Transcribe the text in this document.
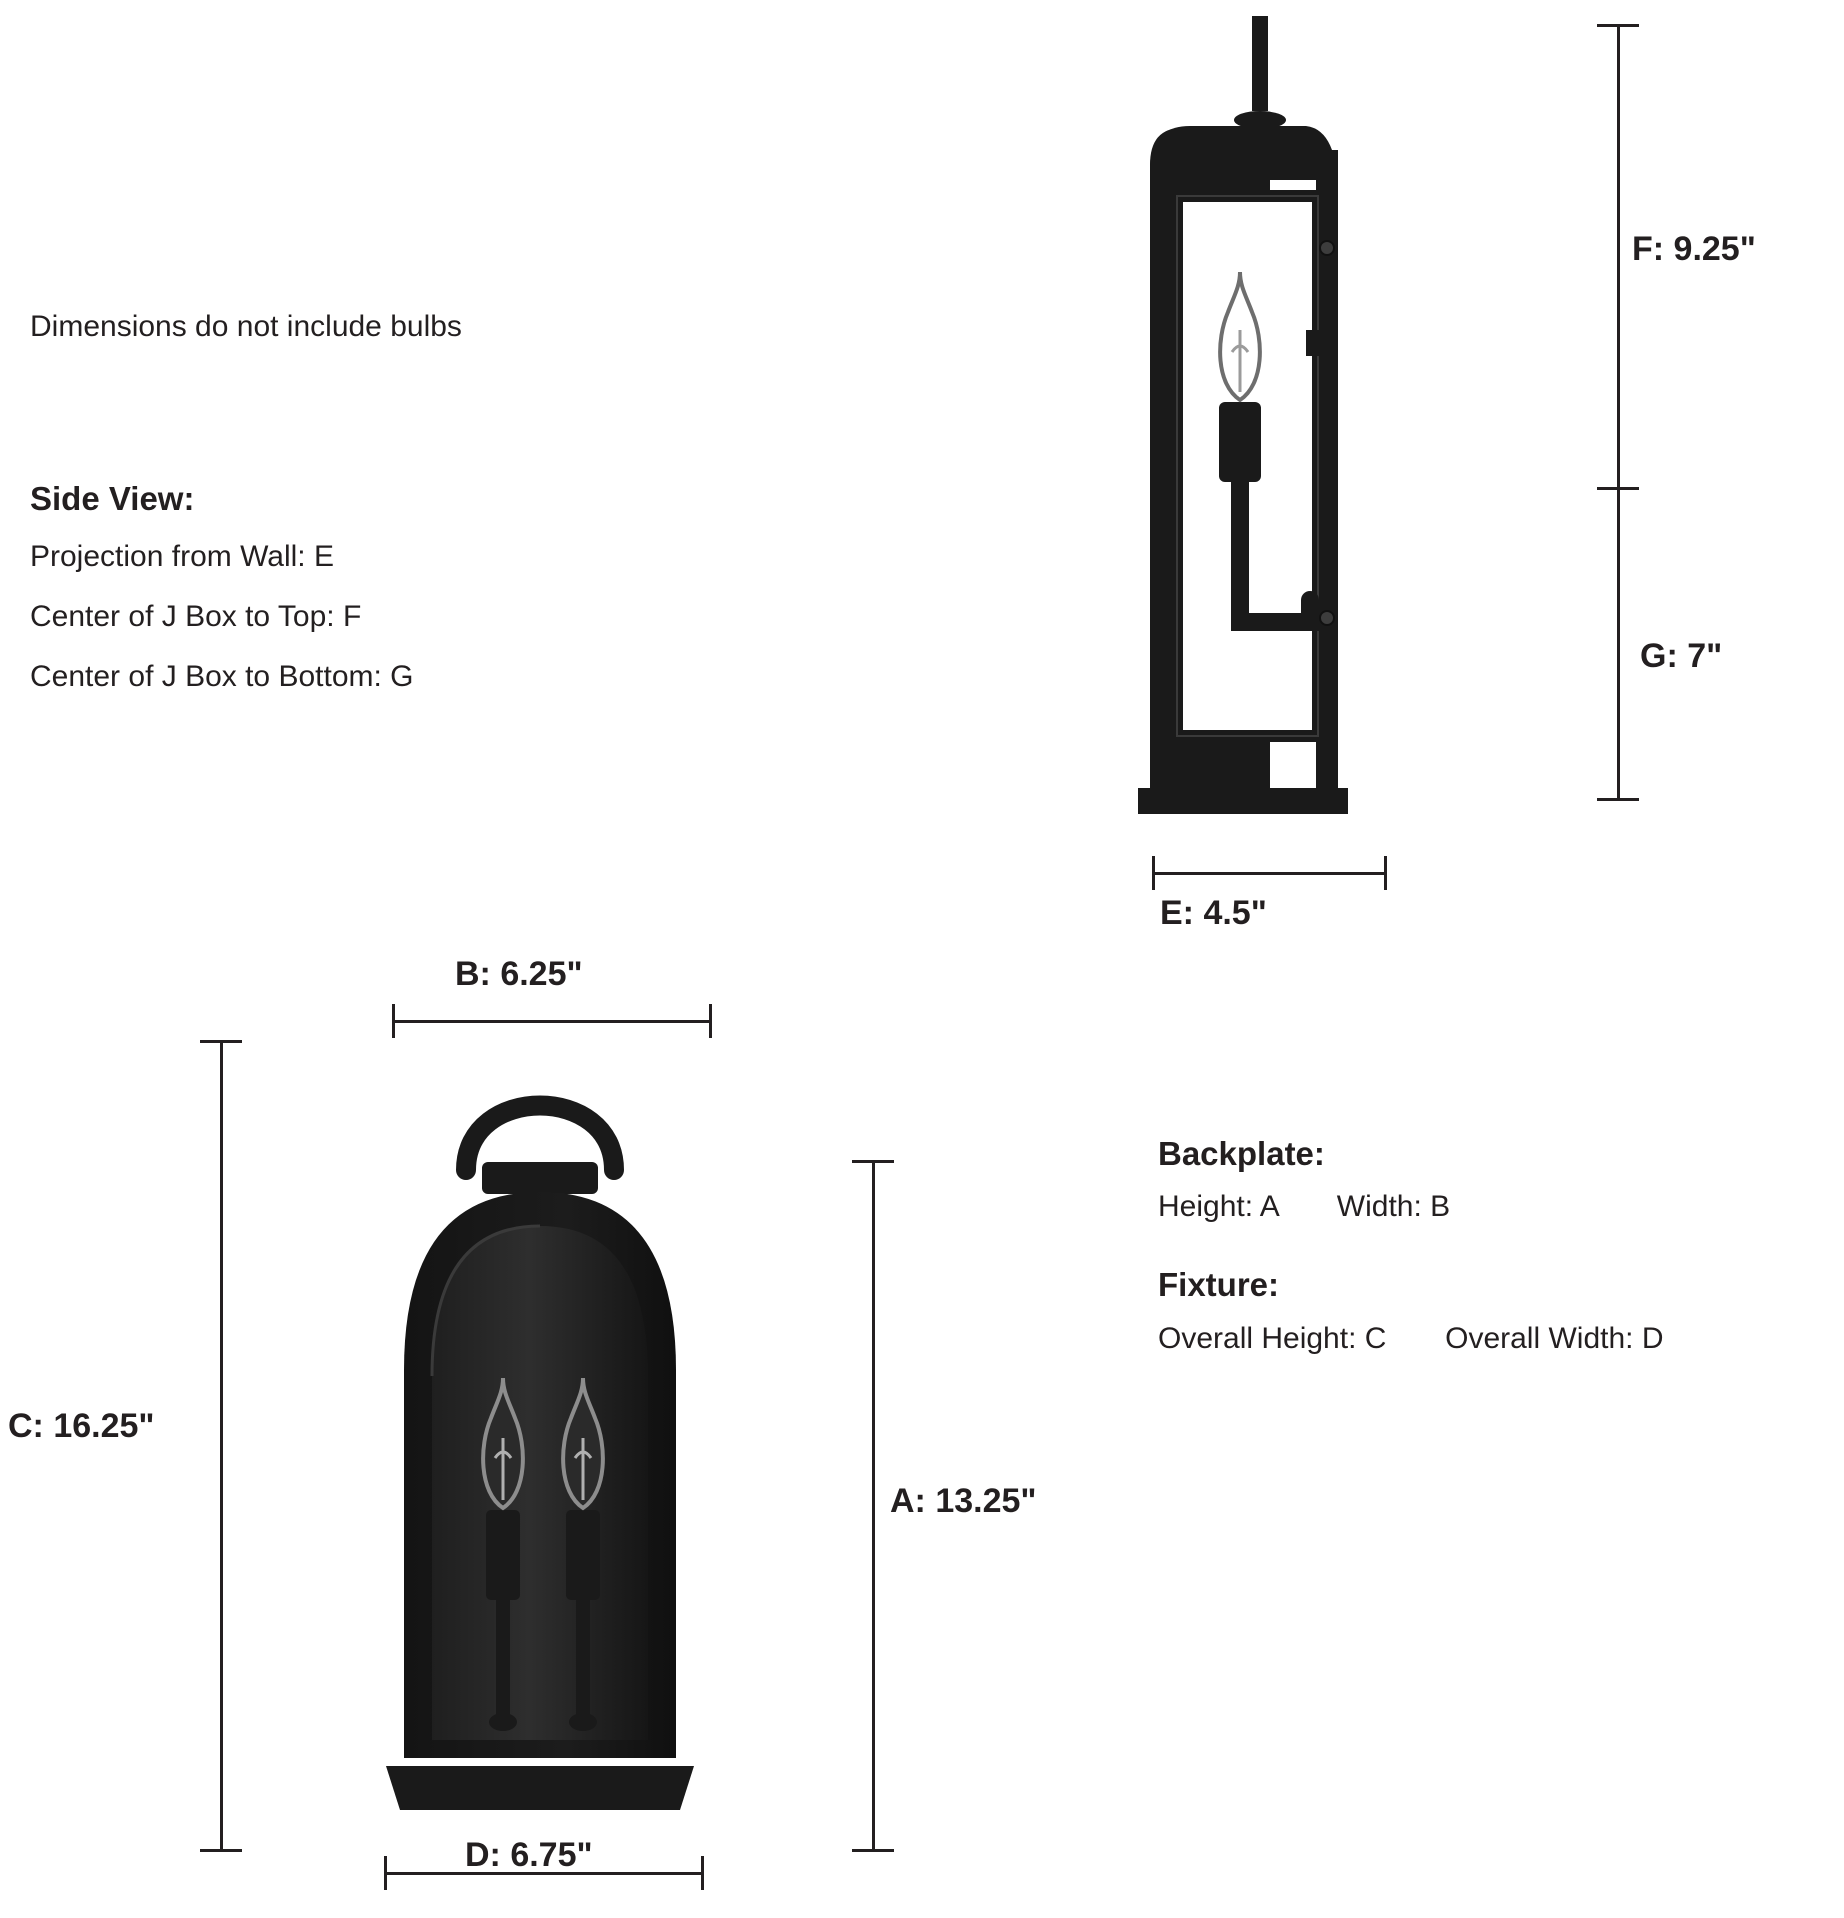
F: 9.25"
G: 7"
E: 4.5"
B: 6.25"
C: 16.25"
A: 13.25"
D: 6.75"
Dimensions do not include bulbs
Side View:
Projection from Wall: E
Center of J Box to Top: F
Center of J Box to Bottom: G
Backplate:
Height: A Width: B
Fixture:
Overall Height: C Overall Width: D
